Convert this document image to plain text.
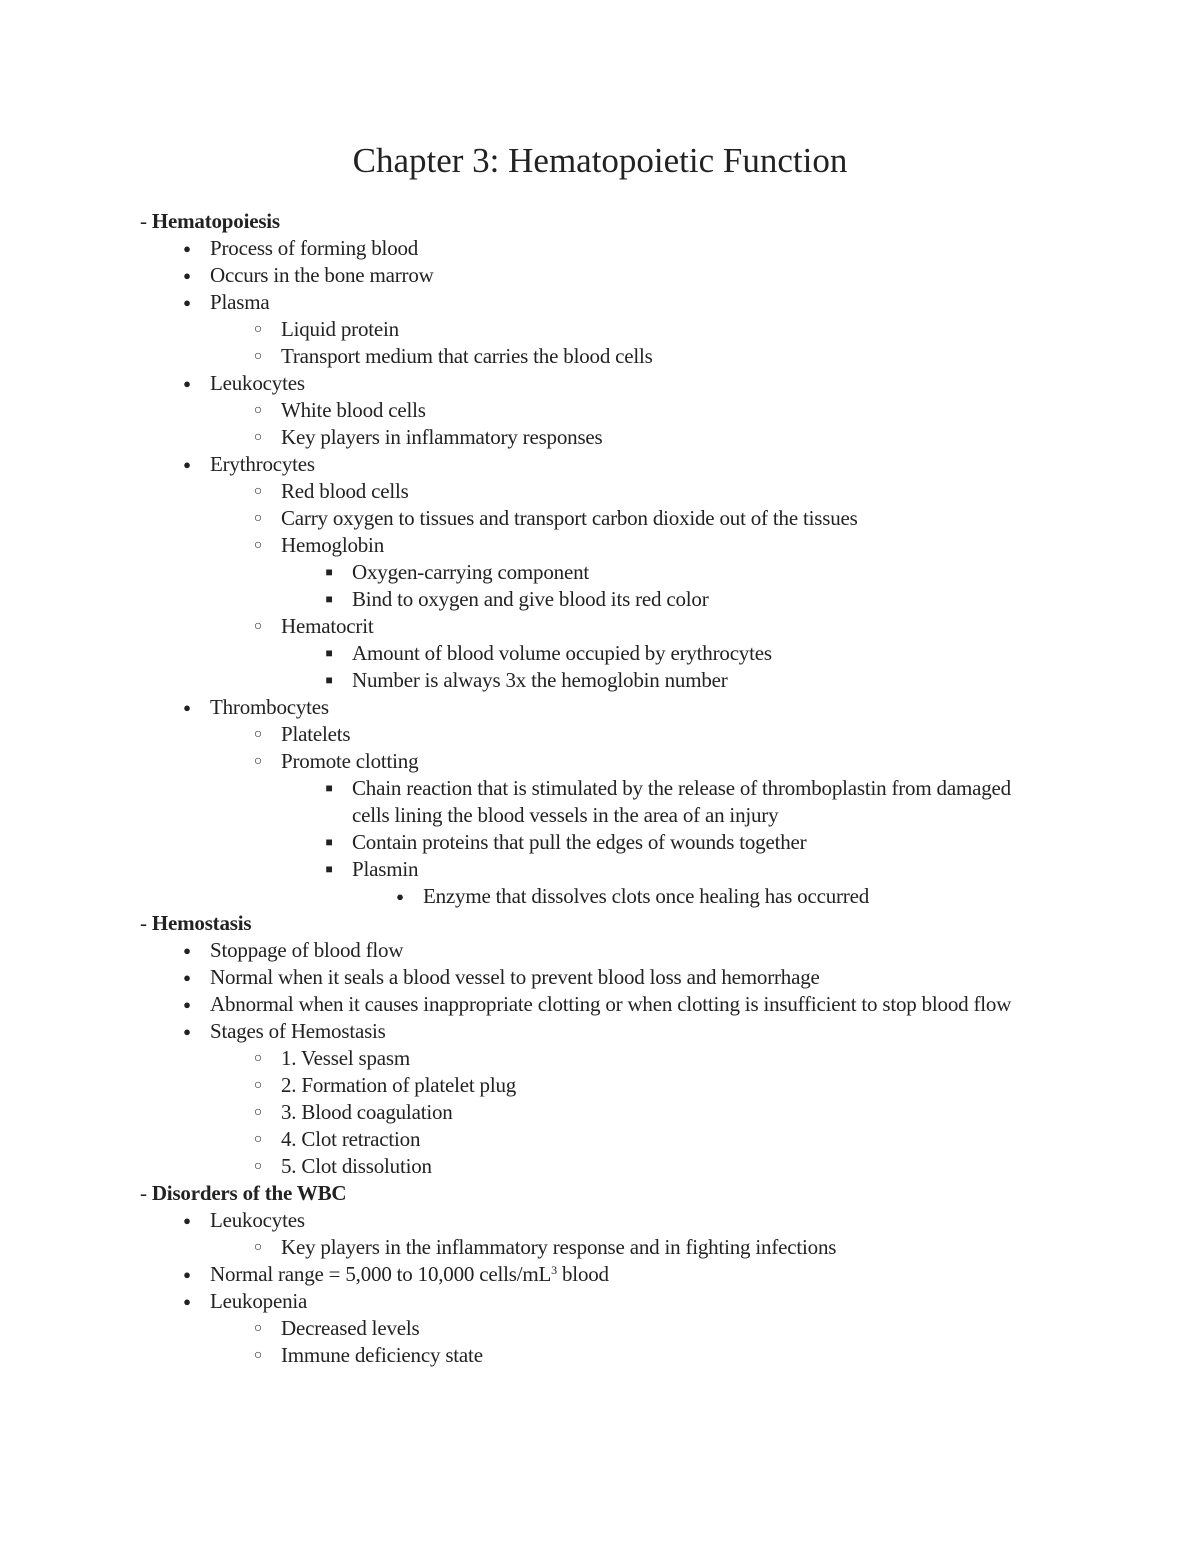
Chapter 3: Hematopoietic Function
- Hematopoiesis
● Process of forming blood
● Occurs in the bone marrow
● Plasma
○ Liquid protein
○ Transport medium that carries the blood cells
● Leukocytes
○ White blood cells
○ Key players in inflammatory responses
● Erythrocytes
○ Red blood cells
○ Carry oxygen to tissues and transport carbon dioxide out of the tissues
○ Hemoglobin
■ Oxygen-carrying component
■ Bind to oxygen and give blood its red color
○ Hematocrit
■ Amount of blood volume occupied by erythrocytes
■ Number is always 3x the hemoglobin number
● Thrombocytes
○ Platelets
○ Promote clotting
■ Chain reaction that is stimulated by the release of thromboplastin from damaged cells lining the blood vessels in the area of an injury
■ Contain proteins that pull the edges of wounds together
■ Plasmin
● Enzyme that dissolves clots once healing has occurred
- Hemostasis
● Stoppage of blood flow
● Normal when it seals a blood vessel to prevent blood loss and hemorrhage
● Abnormal when it causes inappropriate clotting or when clotting is insufficient to stop blood flow
● Stages of Hemostasis
○ 1. Vessel spasm
○ 2. Formation of platelet plug
○ 3. Blood coagulation
○ 4. Clot retraction
○ 5. Clot dissolution
- Disorders of the WBC
● Leukocytes
○ Key players in the inflammatory response and in fighting infections
● Normal range = 5,000 to 10,000 cells/$mL^3$ blood
● Leukopenia
○ Decreased levels
○ Immune deficiency state
